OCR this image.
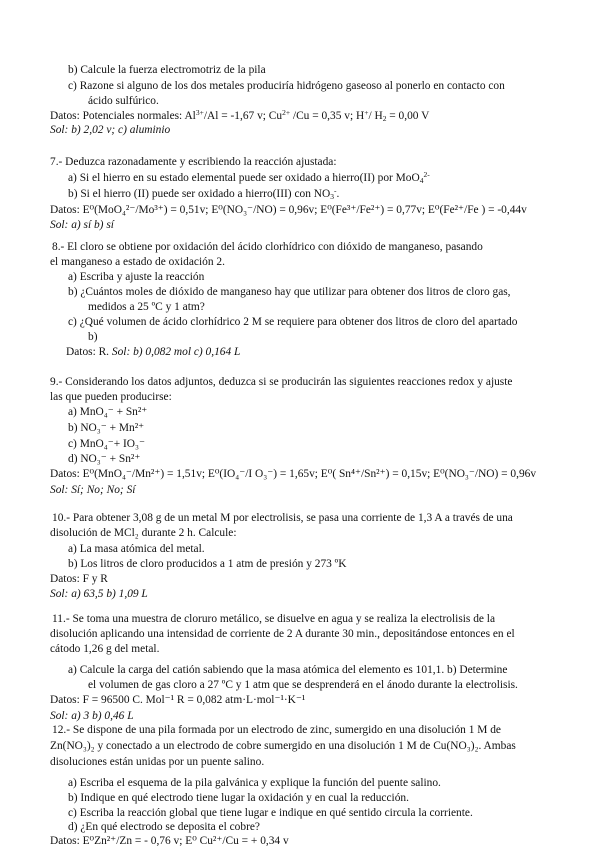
b) Calcule la fuerza electromotriz de la pila
c) Razone si alguno de los dos metales produciría hidrógeno gaseoso al ponerlo en contacto con
ácido sulfúrico.
Datos: Potenciales normales: $Al^{3+}/Al = -1,67$ v; $Cu^{2+}$ /Cu = 0,35 v; H+/ $H_2 = 0,00$ V
Sol: b) 2,02 v; c) aluminio
7.- Deduzca razonadamente y escribiendo la reacción ajustada:
a) Si el hierro en su estado elemental puede ser oxidado a hierro(II) por MoO$_4^{2-}$
b) Si el hierro (II) puede ser oxidado a hierro(III) con $NO_3^-$.
Datos: E⁰(MoO₄²⁻/Mo³⁺) = 0,51v; E⁰(NO₃⁻/NO) = 0,96v; E⁰(Fe³⁺/Fe²⁺) = 0,77v; E⁰(Fe²⁺/Fe ) = -0,44v
Sol: a) sí b) sí
8.- El cloro se obtiene por oxidación del ácido clorhídrico con dióxido de manganeso, pasando
el manganeso a estado de oxidación 2.
a) Escriba y ajuste la reacción
b) ¿Cuántos moles de dióxido de manganeso hay que utilizar para obtener dos litros de cloro gas,
medidos a 25 ºC y 1 atm?
c) ¿Qué volumen de ácido clorhídrico 2 M se requiere para obtener dos litros de cloro del apartado
b)
Datos: R. Sol: b) 0,082 mol c) 0,164 L
9.- Considerando los datos adjuntos, deduzca si se producirán las siguientes reacciones redox y ajuste
las que pueden producirse:
a) MnO₄⁻ + Sn²⁺
b) NO₃⁻ + Mn²⁺
c) MnO₄⁻+ IO₃⁻
d) NO₃⁻ + Sn²⁺
Datos: E⁰(MnO₄⁻/Mn²⁺) = 1,51v; E⁰(IO₄⁻/I O₃⁻) = 1,65v; E⁰( Sn⁴⁺/Sn²⁺) = 0,15v; E⁰(NO₃⁻/NO) = 0,96v
Sol: Sí; No; No; Sí
10.- Para obtener 3,08 g de un metal M por electrolisis, se pasa una corriente de 1,3 A a través de una
disolución de MCl₂ durante 2 h. Calcule:
a) La masa atómica del metal.
b) Los litros de cloro producidos a 1 atm de presión y 273 ºK
Datos: F y R
Sol: a) 63,5 b) 1,09 L
11.- Se toma una muestra de cloruro metálico, se disuelve en agua y se realiza la electrolisis de la
disolución aplicando una intensidad de corriente de 2 A durante 30 min., depositándose entonces en el
cátodo 1,26 g del metal.
a) Calcule la carga del catión sabiendo que la masa atómica del elemento es 101,1. b) Determine
el volumen de gas cloro a 27 ºC y 1 atm que se desprenderá en el ánodo durante la electrolisis.
Datos: F = 96500 C. Mol⁻¹ R = 0,082 atm·L·mol⁻¹·K⁻¹
Sol: a) 3 b) 0,46 L
12.- Se dispone de una pila formada por un electrodo de zinc, sumergido en una disolución 1 M de
Zn(NO₃)₂ y conectado a un electrodo de cobre sumergido en una disolución 1 M de Cu(NO₃)₂. Ambas
disoluciones están unidas por un puente salino.
a) Escriba el esquema de la pila galvánica y explique la función del puente salino.
b) Indique en qué electrodo tiene lugar la oxidación y en cual la reducción.
c) Escriba la reacción global que tiene lugar e indique en qué sentido circula la corriente.
d) ¿En qué electrodo se deposita el cobre?
Datos: E⁰Zn²⁺/Zn = - 0,76 v; E⁰ Cu²⁺/Cu = + 0,34 v
